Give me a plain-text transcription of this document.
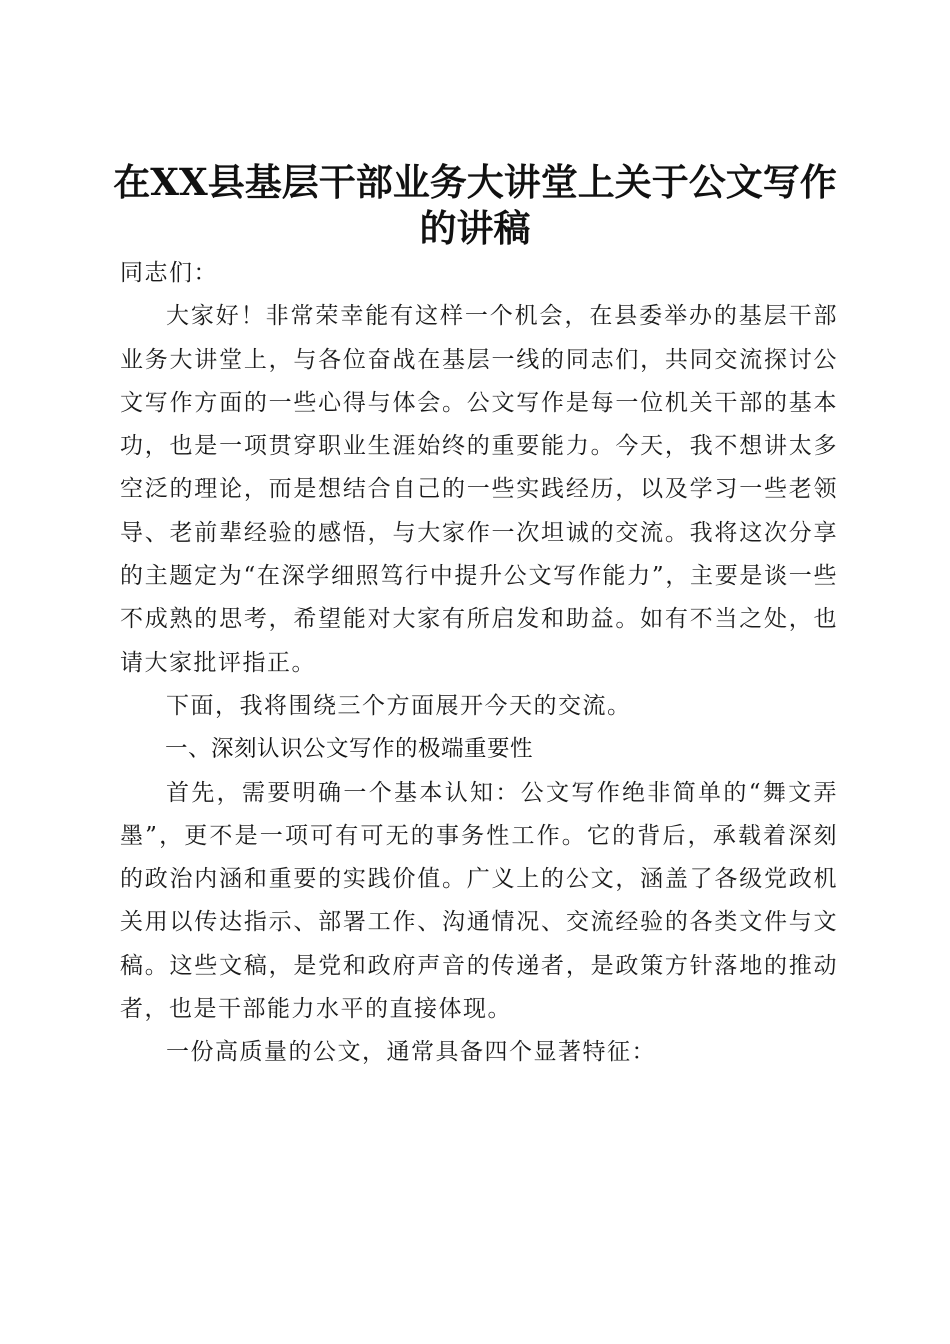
在XX县基层干部业务大讲堂上关于公文写作
的讲稿

同志们：

大家好！非常荣幸能有这样一个机会，在县委举办的基层干部业务大讲堂上，与各位奋战在基层一线的同志们，共同交流探讨公文写作方面的一些心得与体会。公文写作是每一位机关干部的基本功，也是一项贯穿职业生涯始终的重要能力。今天，我不想讲太多空泛的理论，而是想结合自己的一些实践经历，以及学习一些老领导、老前辈经验的感悟，与大家作一次坦诚的交流。我将这次分享的主题定为“在深学细照笃行中提升公文写作能力”，主要是谈一些不成熟的思考，希望能对大家有所启发和助益。如有不当之处，也请大家批评指正。

下面，我将围绕三个方面展开今天的交流。

一、深刻认识公文写作的极端重要性

首先，需要明确一个基本认知：公文写作绝非简单的“舞文弄墨”，更不是一项可有可无的事务性工作。它的背后，承载着深刻的政治内涵和重要的实践价值。广义上的公文，涵盖了各级党政机关用以传达指示、部署工作、沟通情况、交流经验的各类文件与文稿。这些文稿，是党和政府声音的传递者，是政策方针落地的推动者，也是干部能力水平的直接体现。

一份高质量的公文，通常具备四个显著特征：
